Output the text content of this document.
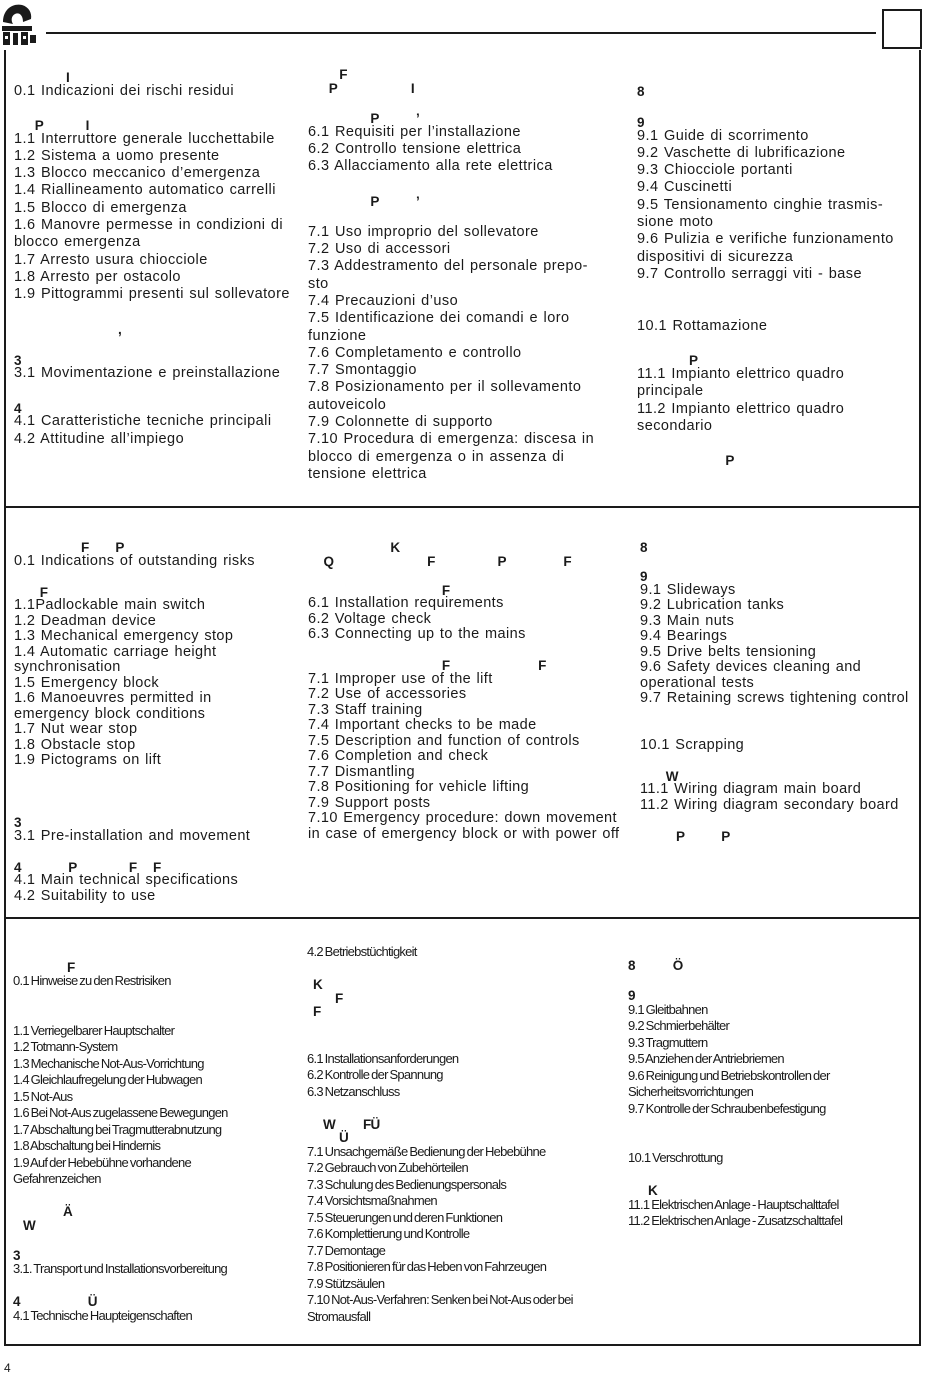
I
0.1 Indicazioni dei rischi residui

P        I
1.1 Interruttore generale lucchettabile
1.2 Sistema a uomo presente
1.3 Blocco meccanico d’emergenza
1.4 Riallineamento automatico carrelli
1.5 Blocco di emergenza
1.6 Manovre permesse in condizioni di
blocco emergenza
1.7 Arresto usura chiocciole
1.8 Arresto per ostacolo
1.9 Pittogrammi presenti sul sollevatore

,

3
3.1 Movimentazione e preinstallazione

4
4.1 Caratteristiche tecniche principali
4.2 Attitudine all’impiego
F
P              I

P       ’
6.1 Requisiti per l’installazione
6.2 Controllo tensione elettrica
6.3 Allacciamento alla rete elettrica

P       ’

7.1 Uso improprio del sollevatore
7.2 Uso di accessori
7.3 Addestramento del personale prepo-
sto
7.4 Precauzioni d’uso
7.5 Identificazione dei comandi e loro
funzione
7.6 Completamento e controllo
7.7 Smontaggio
7.8 Posizionamento per il sollevamento
autoveicolo
7.9 Colonnette di supporto
7.10 Procedura di emergenza: discesa in
blocco di emergenza o in assenza di
tensione elettrica

8

9
9.1 Guide di scorrimento
9.2 Vaschette di lubrificazione
9.3 Chiocciole portanti
9.4 Cuscinetti
9.5 Tensionamento cinghie trasmis-
sione moto
9.6 Pulizia e verifiche funzionamento
dispositivi di sicurezza
9.7 Controllo serraggi viti - base

10.1 Rottamazione

P
11.1 Impianto elettrico quadro
principale
11.2 Impianto elettrico quadro
secondario

P
F     P
0.1 Indications of outstanding risks

F
1.1Padlockable main switch
1.2 Deadman device
1.3 Mechanical emergency stop
1.4 Automatic carriage height
synchronisation
1.5 Emergency block
1.6 Manoeuvres permitted in
emergency block conditions
1.7 Nut wear stop
1.8 Obstacle stop
1.9 Pictograms on lift

3
3.1 Pre-installation and movement

4         P          F   F
4.1 Main technical specifications
4.2 Suitability to use
K
Q                  F            P           F

F
6.1 Installation requirements
6.2 Voltage check
6.3 Connecting up to the mains

F                 F
7.1 Improper use of the lift
7.2 Use of accessories
7.3 Staff training
7.4 Important checks to be made
7.5 Description and function of controls
7.6 Completion and check
7.7 Dismantling
7.8 Positioning for vehicle lifting
7.9 Support posts
7.10 Emergency procedure: down movement
in case of emergency block or with power off
8

9
9.1 Slideways
9.2 Lubrication tanks
9.3 Main nuts
9.4 Bearings
9.5 Drive belts tensioning
9.6 Safety devices cleaning and
operational tests
9.7 Retaining screws tightening control

10.1 Scrapping

W
11.1 Wiring diagram main board
11.2 Wiring diagram secondary board

P       P

F
0.1 Hinweise zu den Restrisiken

1.1 Verriegelbarer Hauptschalter
1.2 Totmann-System
1.3 Mechanische Not-Aus-Vorrichtung
1.4 Gleichlaufregelung der Hubwagen
1.5 Not-Aus
1.6 Bei Not-Aus zugelassene Bewegungen
1.7 Abschaltung bei Tragmutterabnutzung
1.8 Abschaltung bei Hindernis
1.9 Auf der Hebebühne vorhandene
Gefahrenzeichen

Ä
W

3
3.1. Transport und Installationsvorbereitung

4                                  Ü
4.1 Technische Haupteigenschaften
4.2 Betriebstüchtigkeit

K
F
F

6.1 Installationsanforderungen
6.2 Kontrolle der Spannung
6.3 Netzanschluss

W              FÜ
Ü
7.1 Unsachgemäße Bedienung der Hebebühne
7.2 Gebrauch von Zubehörteilen
7.3 Schulung des Bedienungspersonals
7.4 Vorsichtsmaßnahmen
7.5 Steuerungen und deren Funktionen
7.6 Komplettierung und Kontrolle
7.7 Demontage
7.8 Positionieren für das Heben von Fahrzeugen
7.9 Stützsäulen
7.10 Not-Aus-Verfahren: Senken bei Not-Aus oder bei
Stromausfall
8                   Ö

9
9.1 Gleitbahnen
9.2 Schmierbehälter
9.3 Tragmuttern
9.5 Anziehen der Antriebriemen
9.6 Reinigung und Betriebskontrollen der
Sicherheitsvorrichtungen
9.7 Kontrolle der Schraubenbefestigung

10.1 Verschrottung

K
11.1 Elektrischen Anlage - Hauptschalttafel
11.2 Elektrischen Anlage - Zusatzschalttafel
4
